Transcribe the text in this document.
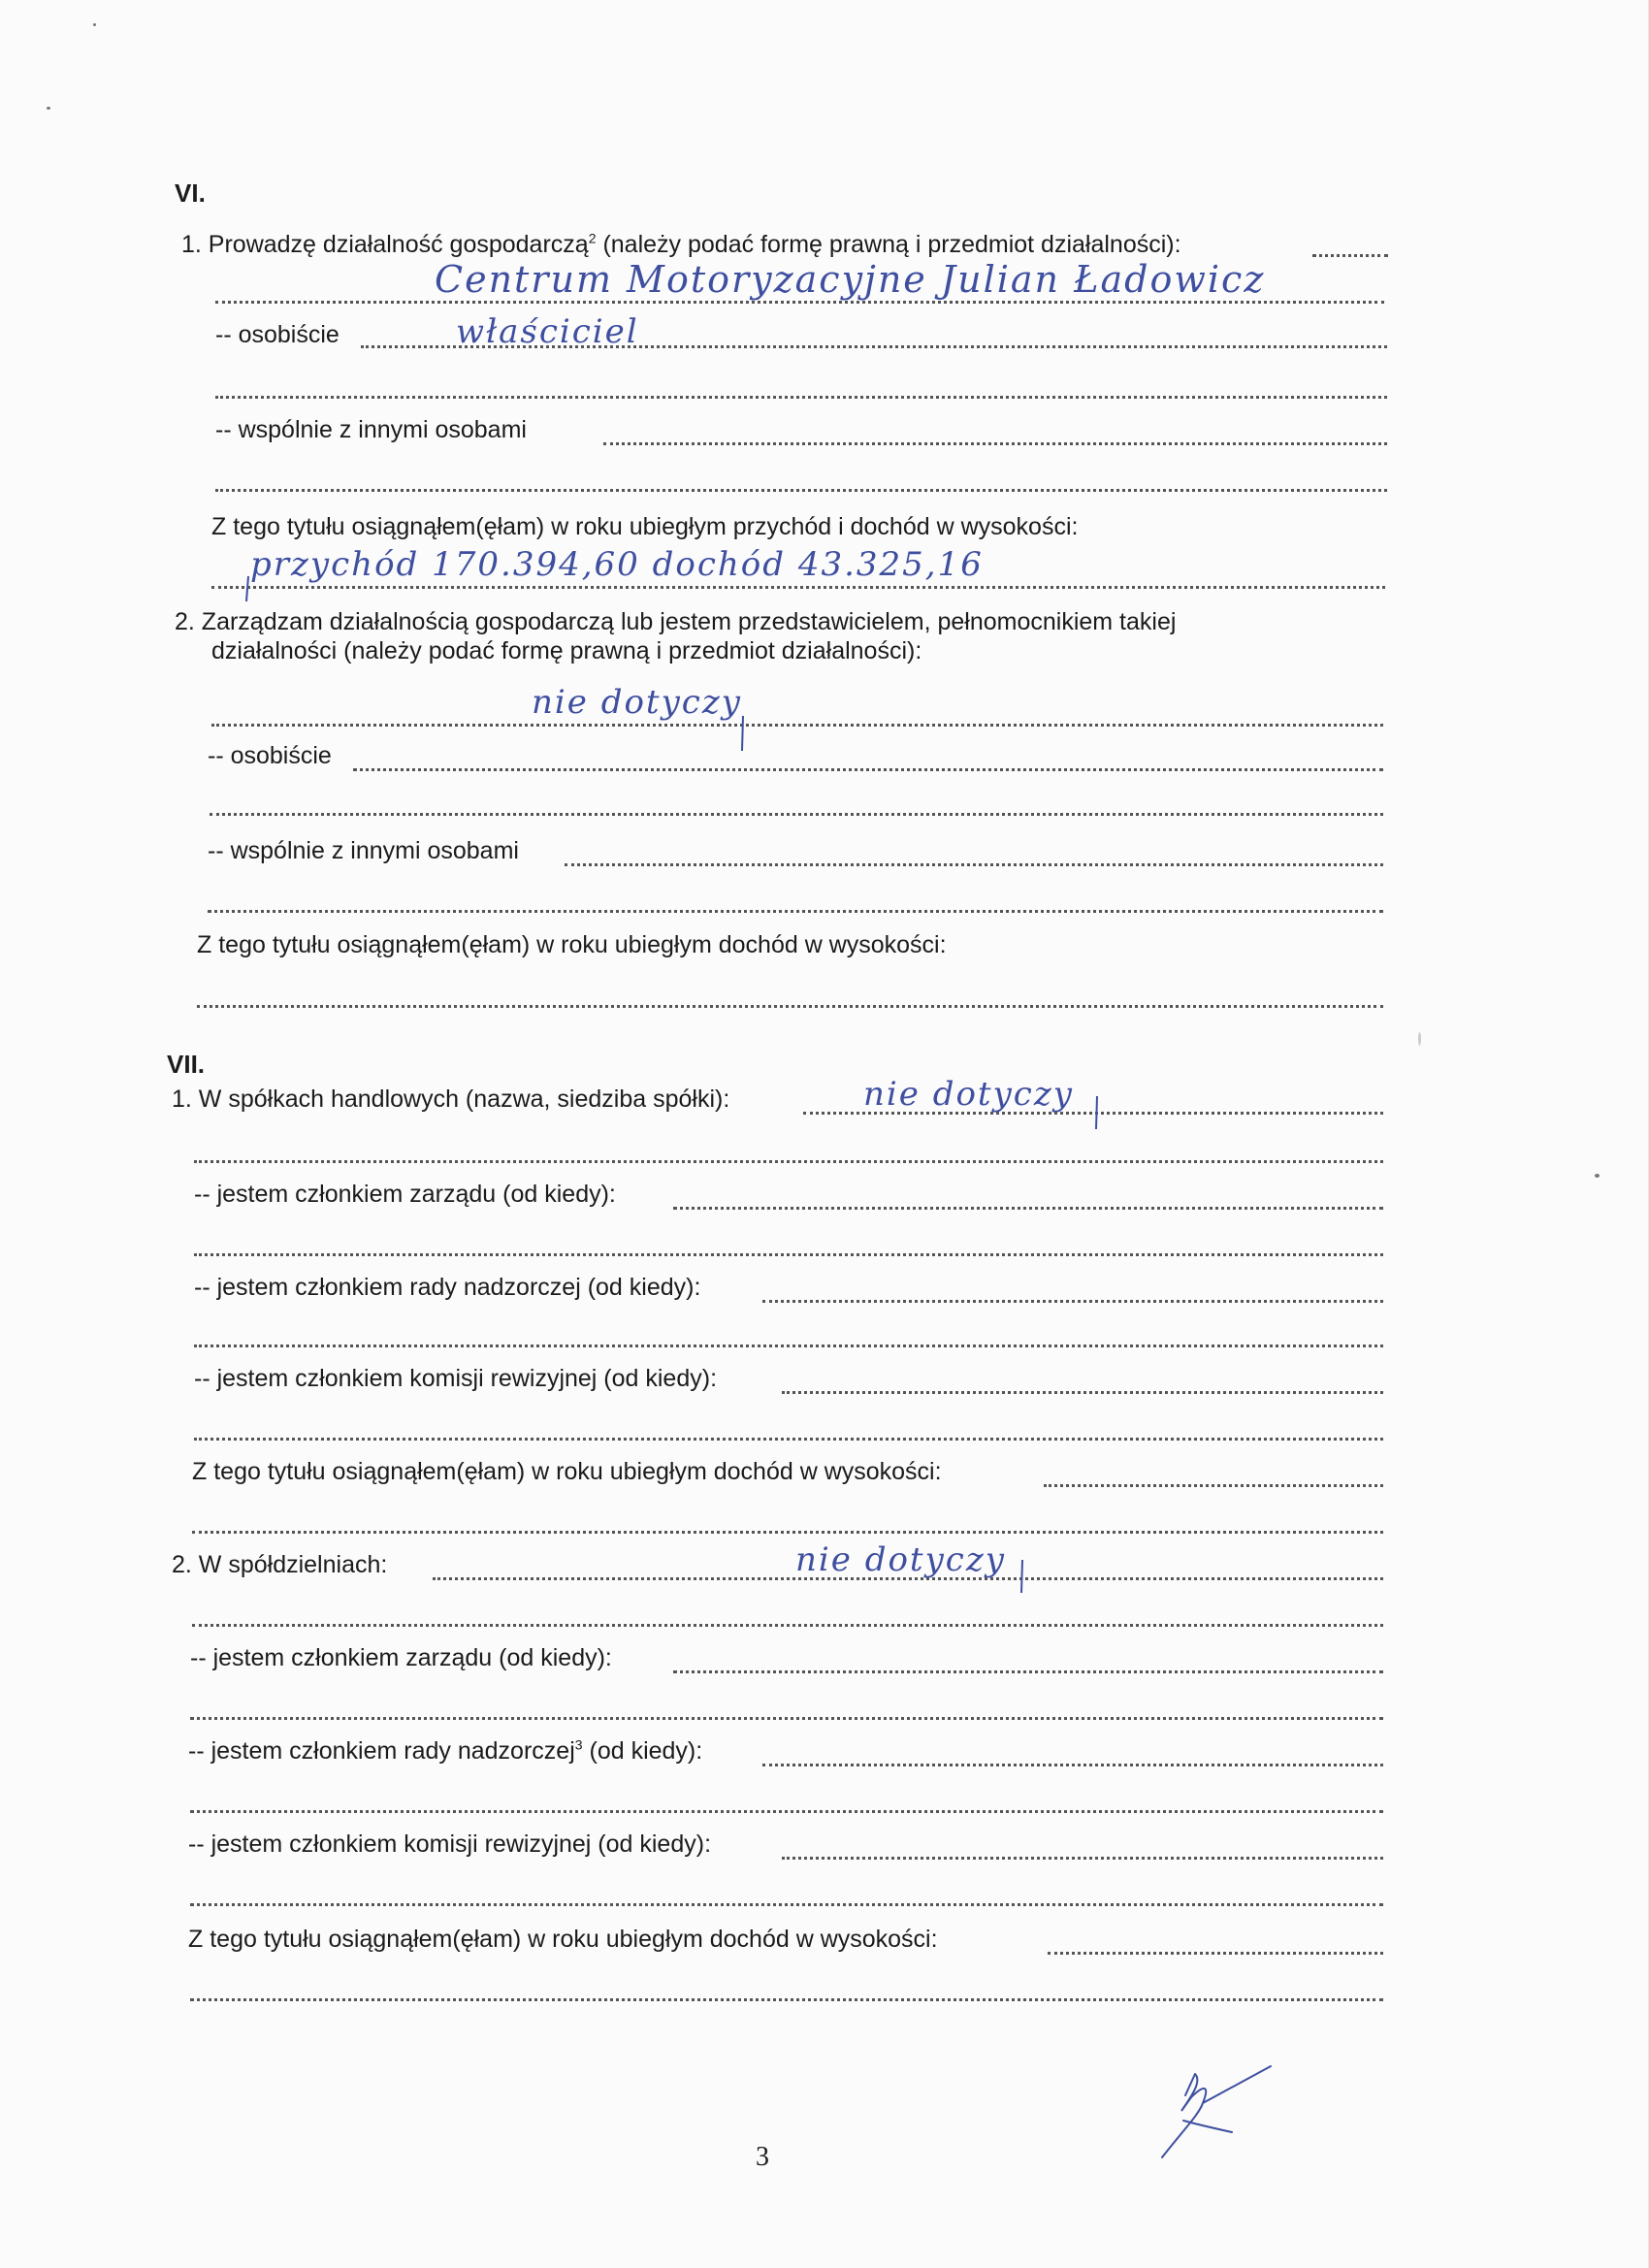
VI.
1. Prowadzę działalność gospodarczą$^2$ (należy podać formę prawną i przedmiot działalności):
Centrum Motoryzacyjne Julian Ładowicz
-- osobiście	właściciel
-- wspólnie z innymi osobami
Z tego tytułu osiągnąłem(ęłam) w roku ubiegłym przychód i dochód w wysokości:
przychód 170.394,60 dochód 43.325,16
2. Zarządzam działalnością gospodarczą lub jestem przedstawicielem, pełnomocnikiem takiej
działalności (należy podać formę prawną i przedmiot działalności):
nie dotyczy
-- osobiście
-- wspólnie z innymi osobami
Z tego tytułu osiągnąłem(ęłam) w roku ubiegłym dochód w wysokości:
VII.
1. W spółkach handlowych (nazwa, siedziba spółki):	nie dotyczy
-- jestem członkiem zarządu (od kiedy):
-- jestem członkiem rady nadzorczej (od kiedy):
-- jestem członkiem komisji rewizyjnej (od kiedy):
Z tego tytułu osiągnąłem(ęłam) w roku ubiegłym dochód w wysokości:
2. W spółdzielniach:	nie dotyczy
-- jestem członkiem zarządu (od kiedy):
-- jestem członkiem rady nadzorczej$^3$ (od kiedy):
-- jestem członkiem komisji rewizyjnej (od kiedy):
Z tego tytułu osiągnąłem(ęłam) w roku ubiegłym dochód w wysokości:
3
